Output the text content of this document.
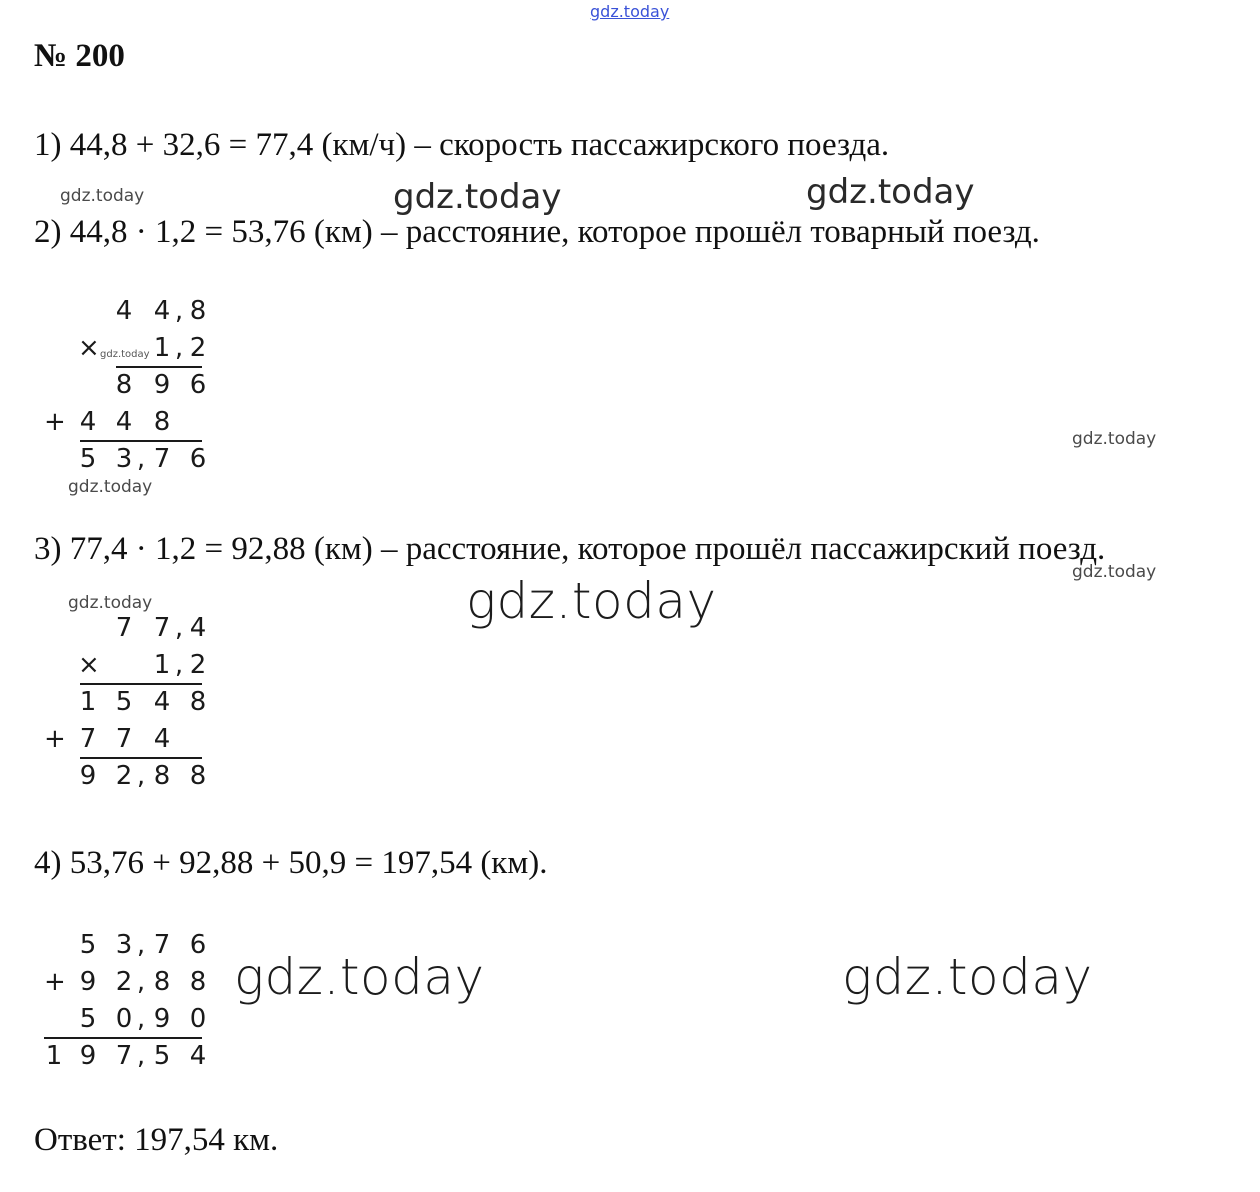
gdz.today
№ 200
1) 44,8 + 32,6 = 77,4 (км/ч) – скорость пассажирского поезда.
2) 44,8 · 1,2 = 53,76 (км) – расстояние, которое прошёл товарный поезд.
3) 77,4 · 1,2 = 92,88 (км) – расстояние, которое прошёл пассажирский поезд.
4) 53,76 + 92,88 + 50,9 = 197,54 (км).
4 4 , 8
× 1 , 2
8 9 6
+ 4 4 8
5 3 , 7 6
7 7 , 4
× 1 , 2
1 5 4 8
+ 7 7 4
9 2 , 8 8
5 3 , 7 6
+ 9 2 , 8 8
5 0 , 9 0
1 9 7 , 5 4
Ответ: 197,54 км.
gdz.today	gdz.today	gdz.today
gdz.today
gdz.today
gdz.today
gdz.today
gdz.today	gdz.today
gdz.today	gdz.today
